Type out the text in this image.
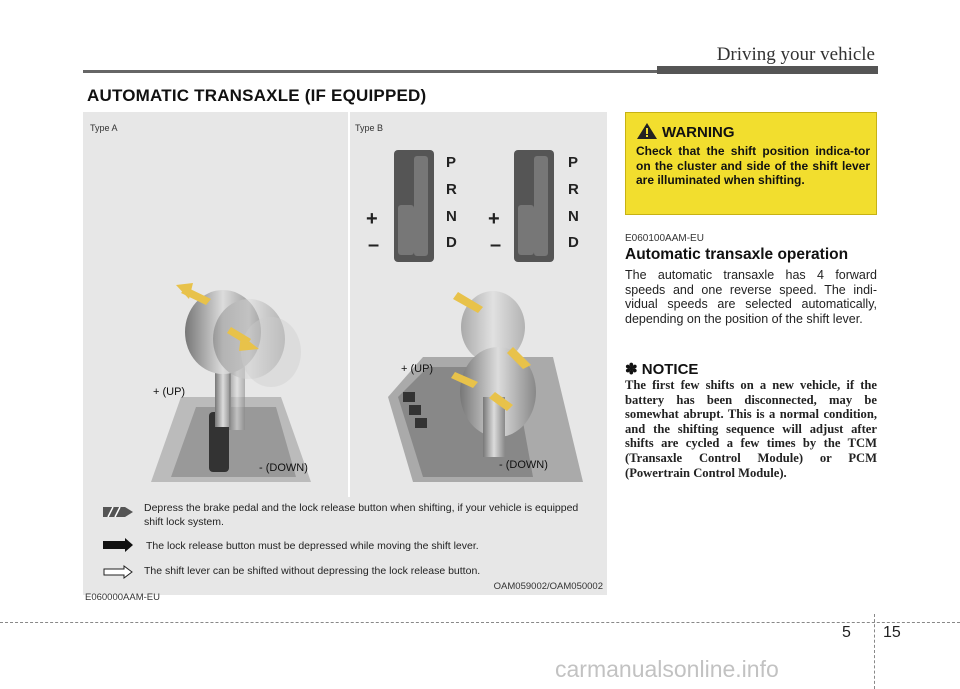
Driving your vehicle
AUTOMATIC TRANSAXLE (IF EQUIPPED)
Type A	Type B
+ (UP)
- (DOWN)
P
R
N
D
+
–
P
R
N
D
+
–
+ (UP)
- (DOWN)
Depress the brake pedal and the lock release button when shifting, if your vehicle is equipped shift lock system.
The lock release button must be depressed while moving the shift lever.
The shift lever can be shifted without depressing the lock release button.
OAM059002/OAM050002
E060000AAM-EU
WARNING
Check that the shift position indica-tor on the cluster and side of the shift lever are illuminated when shifting.
E060100AAM-EU
Automatic transaxle operation
The automatic transaxle has 4 forward speeds and one reverse speed. The indi-vidual speeds are selected automatically, depending on the position of the shift lever.
✽ NOTICE
The first few shifts on a new vehicle, if the battery has been disconnected, may be somewhat abrupt. This is a normal condition, and the shifting sequence will adjust after shifts are cycled a few times by the TCM (Transaxle Control Module) or PCM (Powertrain Control Module).
5 15
carmanualsonline.info
